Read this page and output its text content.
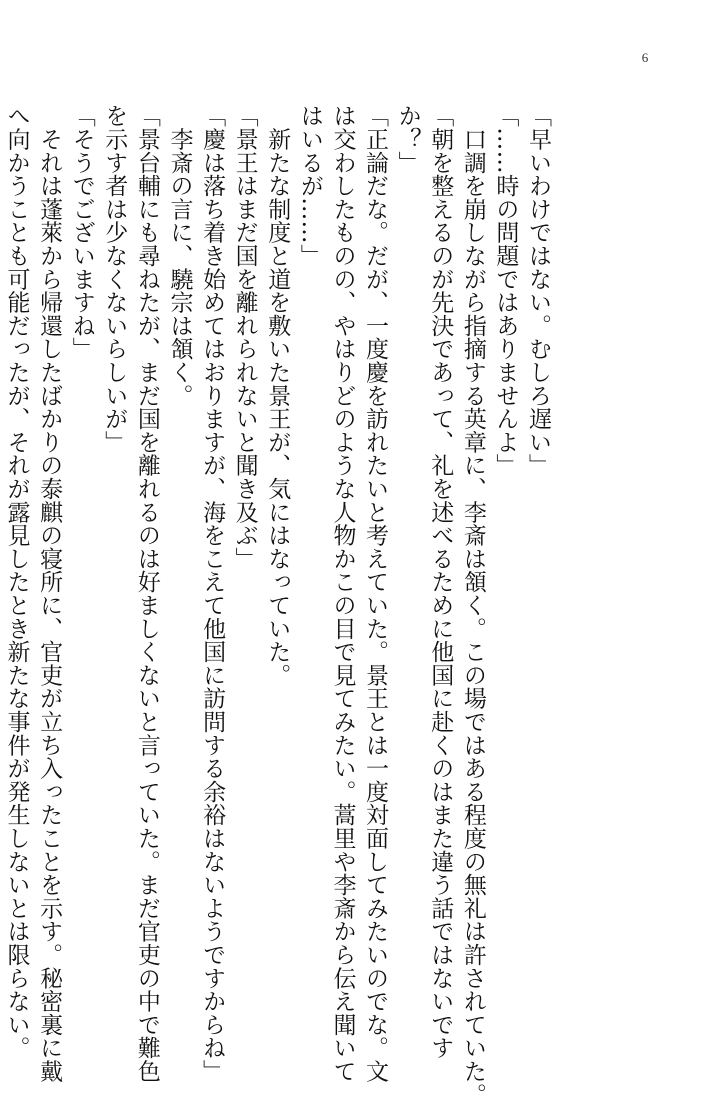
6
「早いわけではない。むしろ遅い」
「……時の問題ではありませんよ」
　口調を崩しながら指摘する英章に、李斎は頷く。この場ではある程度の無礼は許されていた。
「朝を整えるのが先決であって、礼を述べるために他国に赴くのはまた違う話ではないです
か？」
「正論だな。だが、一度慶を訪れたいと考えていた。景王とは一度対面してみたいのでな。文
は交わしたものの、やはりどのような人物かこの目で見てみたい。蒿里や李斎から伝え聞いて
はいるが……」
　新たな制度と道を敷いた景王が、気にはなっていた。
「景王はまだ国を離れられないと聞き及ぶ」
「慶は落ち着き始めてはおりますが、海をこえて他国に訪問する余裕はないようですからね」
　李斎の言に、驍宗は頷く。
「景台輔にも尋ねたが、まだ国を離れるのは好ましくないと言っていた。まだ官吏の中で難色
を示す者は少なくないらしいが」
「そうでございますね」
　それは蓬萊から帰還したばかりの泰麒の寝所に、官吏が立ち入ったことを示す。秘密裏に戴
へ向かうことも可能だったが、それが露見したとき新たな事件が発生しないとは限らない。
